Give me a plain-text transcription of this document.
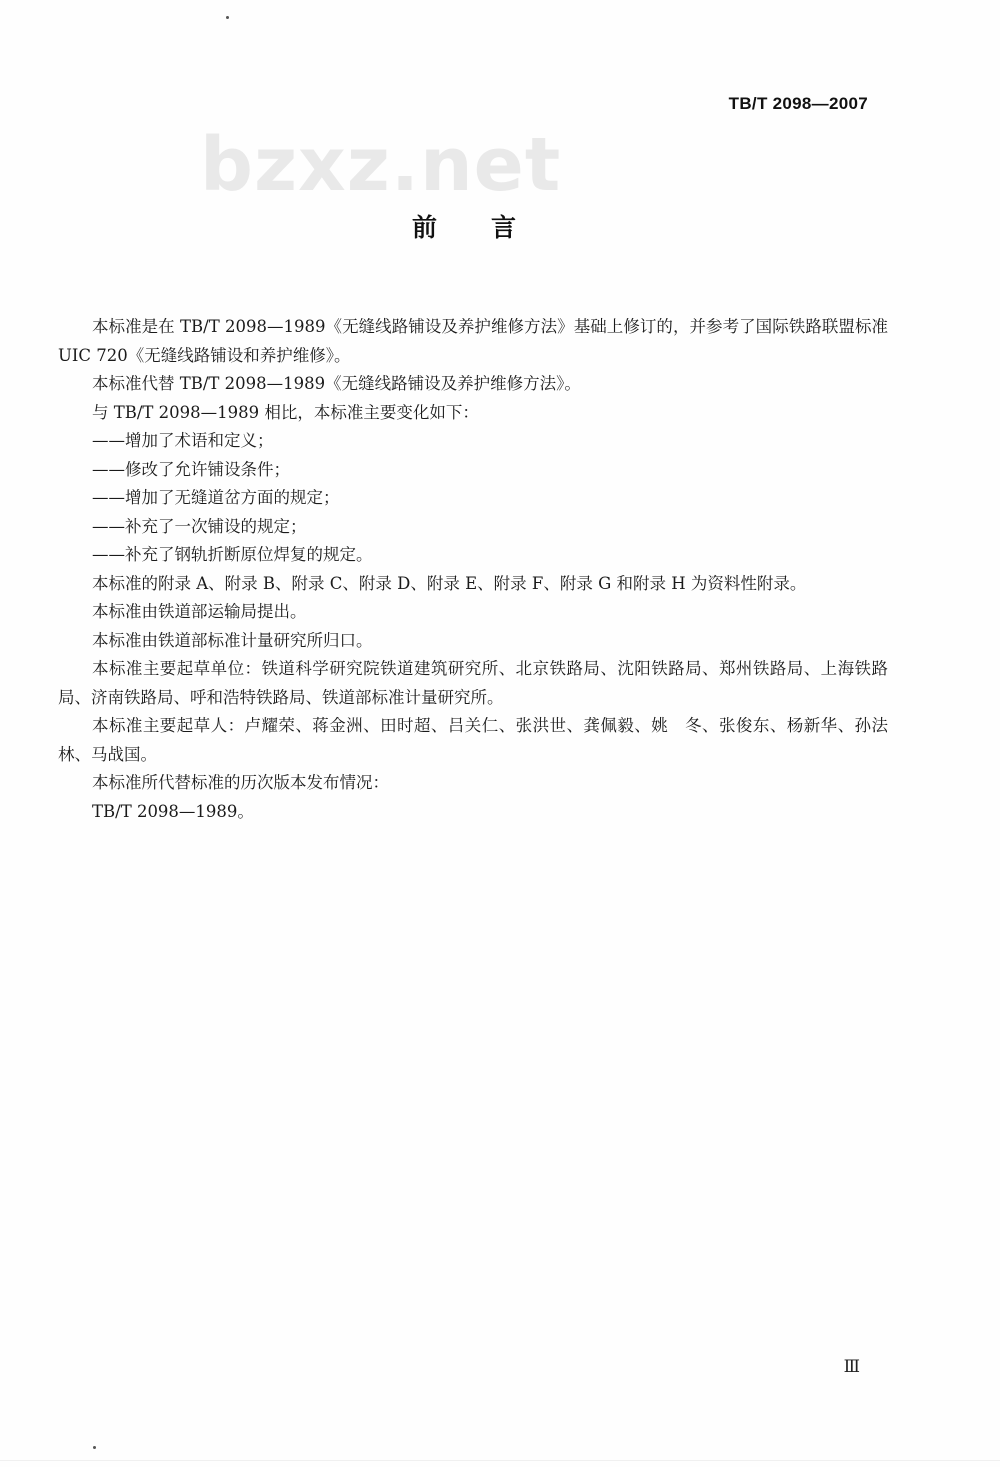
TB/T 2098—2007
bzxz.net
前 言

本标准是在 TB/T 2098—1989《无缝线路铺设及养护维修方法》基础上修订的，并参考了国际铁路联盟标准 UIC 720《无缝线路铺设和养护维修》。

本标准代替 TB/T 2098—1989《无缝线路铺设及养护维修方法》。

与 TB/T 2098—1989 相比，本标准主要变化如下：

——增加了术语和定义；

——修改了允许铺设条件；

——增加了无缝道岔方面的规定；

——补充了一次铺设的规定；

——补充了钢轨折断原位焊复的规定。

本标准的附录 A、附录 B、附录 C、附录 D、附录 E、附录 F、附录 G 和附录 H 为资料性附录。

本标准由铁道部运输局提出。

本标准由铁道部标准计量研究所归口。

本标准主要起草单位：铁道科学研究院铁道建筑研究所、北京铁路局、沈阳铁路局、郑州铁路局、上海铁路局、济南铁路局、呼和浩特铁路局、铁道部标准计量研究所。

本标准主要起草人：卢耀荣、蒋金洲、田时超、吕关仁、张洪世、龚佩毅、姚　冬、张俊东、杨新华、孙法林、马战国。

本标准所代替标准的历次版本发布情况：

TB/T 2098—1989。

Ⅲ
